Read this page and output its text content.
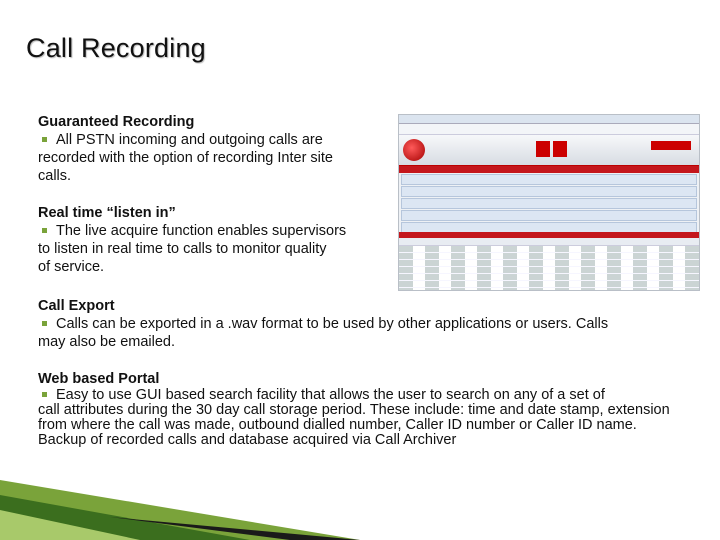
Call Recording
Guaranteed Recording
All PSTN incoming and outgoing calls are
recorded with the option of recording Inter site
calls.
Real time “listen in”
The live acquire function enables supervisors
to listen in real time to calls to monitor quality
of service.
Call Export
Calls can be exported in a .wav format to be used by other applications or users. Calls
may also be emailed.
Web based Portal
Easy to use GUI based search facility that allows the user to search on any of a set of
call attributes during the 30 day call storage period. These include: time and date stamp, extension
from where the call was made, outbound dialled number, Caller ID number or Caller ID name.
Backup of recorded calls and database acquired via Call Archiver
